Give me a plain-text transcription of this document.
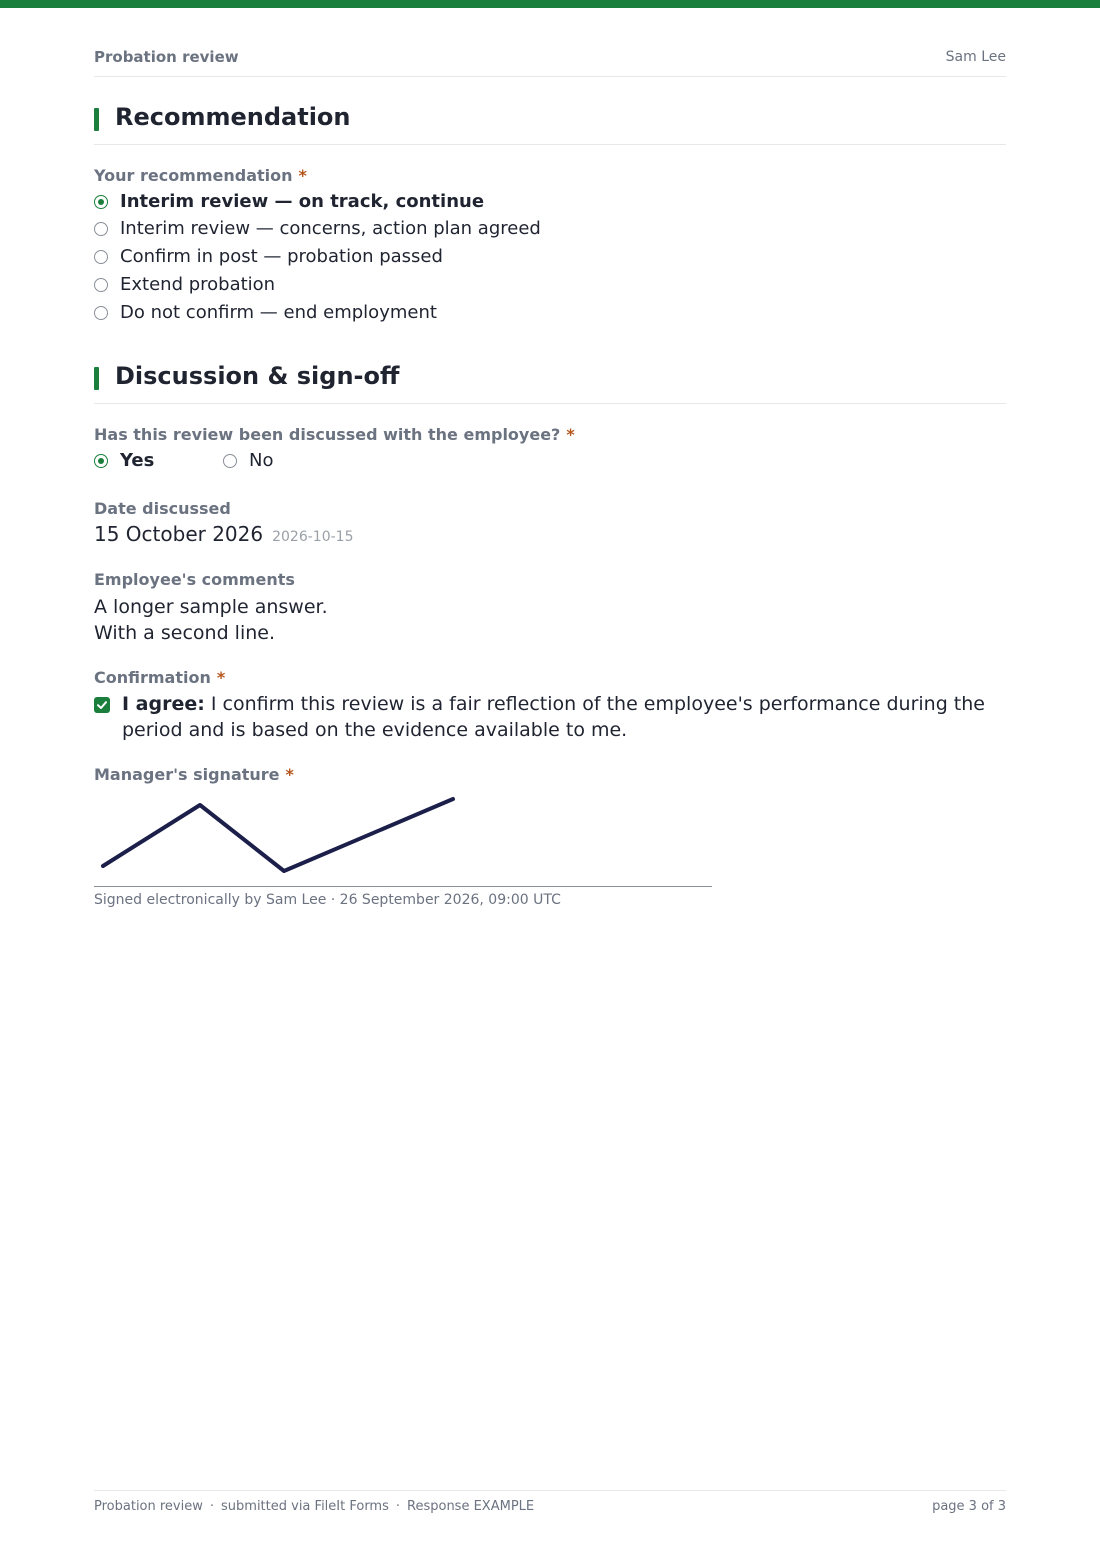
Probation review	Sam Lee
Recommendation
Your recommendation *
Interim review — on track, continue
Interim review — concerns, action plan agreed
Confirm in post — probation passed
Extend probation
Do not confirm — end employment
Discussion & sign-off
Has this review been discussed with the employee? *
Yes	No
Date discussed
15 October 2026 2026-10-15
Employee's comments
A longer sample answer.
With a second line.
Confirmation *
I agree: I confirm this review is a fair reflection of the employee's performance during the period and is based on the evidence available to me.
Manager's signature *
Signed electronically by Sam Lee · 26 September 2026, 09:00 UTC
Probation review · submitted via FileIt Forms · Response EXAMPLE	page 3 of 3
